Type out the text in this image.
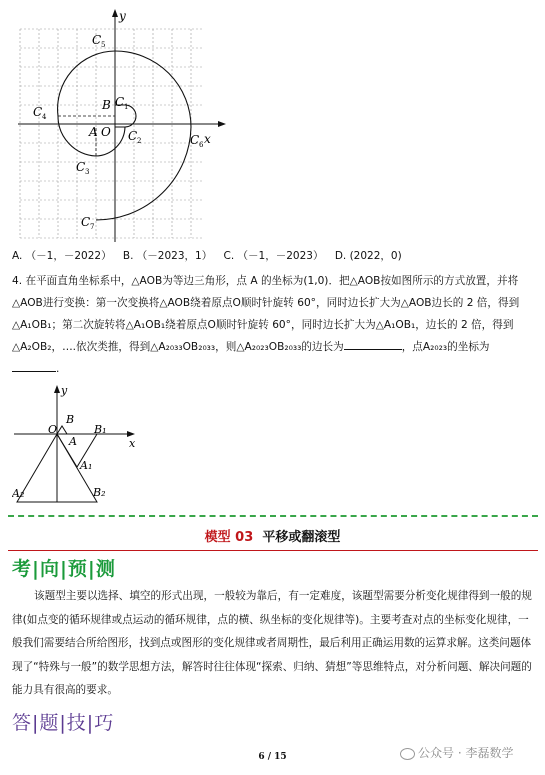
x
y
C 5
C 1
C 2
C 3
C 4
C 6
C 7
B
A O
A. （－1，－2022） B. （－2023，1） C. （－1，－2023） D. (2022，0)
4. 在平面直角坐标系中，△AOB为等边三角形，点 A 的坐标为(1,0)．把△AOB按如图所示的方式放置，并将△AOB进行变换：第一次变换将△AOB绕着原点O顺时针旋转 60°，同时边长扩大为△AOB边长的 2 倍，得到△A₁OB₁；第二次旋转将△A₁OB₁绕着原点O顺时针旋转 60°，同时边长扩大为△A₁OB₁，边长的 2 倍，得到△A₂OB₂，….依次类推，得到△A₂₀₃₃OB₂₀₃₃，则△A₂₀₂₃OB₂₀₃₃的边长为	，点A₂₀₂₃的坐标为
.
x
y
O
B
B₁
A
A₁
A₂	B₂
模型 03 平移或翻滚型
考|向|预|测
该题型主要以选择、填空的形式出现，一般较为靠后，有一定难度，该题型需要分析变化规律得到一般的规律(如点变的循环规律或点运动的循环规律，点的横、纵坐标的变化规律等)。主要考查对点的坐标变化规律，一般我们需要结合所给图形，找到点或图形的变化规律或者周期性，最后利用正确运用数的运算求解。这类问题体现了“特殊与一般”的数学思想方法，解答时往往体现“探索、归纳、猜想”等思维特点，对分析问题、解决问题的能力具有很高的要求。
答|题|技|巧
6 / 15	公众号 · 李磊数学
